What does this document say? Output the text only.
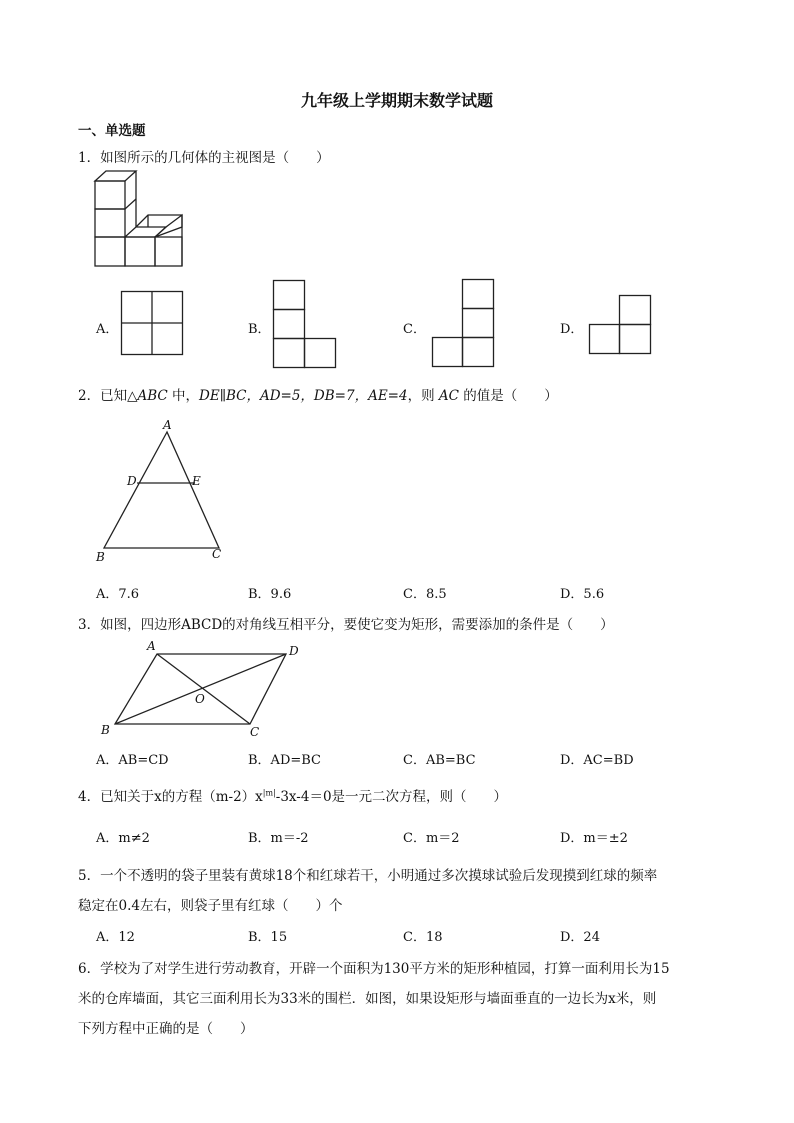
九年级上学期期末数学试题
一、单选题
1．如图所示的几何体的主视图是（　　）
A．	B．	C．	D．
2．已知△ABC 中，DE∥BC，AD=5，DB=7，AE=4，则 AC 的值是（　　）
A
D	E
B	C
A．7.6	B．9.6	C．8.5	D．5.6
3．如图，四边形ABCD的对角线互相平分，要使它变为矩形，需要添加的条件是（　　）
A	D
B	C
O
A．AB=CD	B．AD=BC	C．AB=BC	D．AC=BD
4．已知关于x的方程$(m-2)x^{|m|}-3x-4=0$是一元二次方程，则（　　）
A．m≠2	B．m＝-2	C．m＝2	D．m＝±2
5．一个不透明的袋子里装有黄球18个和红球若干，小明通过多次摸球试验后发现摸到红球的频率
稳定在0.4左右，则袋子里有红球（　　）个
A．12	B．15	C．18	D．24
6．学校为了对学生进行劳动教育，开辟一个面积为130平方米的矩形种植园，打算一面利用长为15
米的仓库墙面，其它三面利用长为33米的围栏．如图，如果设矩形与墙面垂直的一边长为x米，则
下列方程中正确的是（　　）
